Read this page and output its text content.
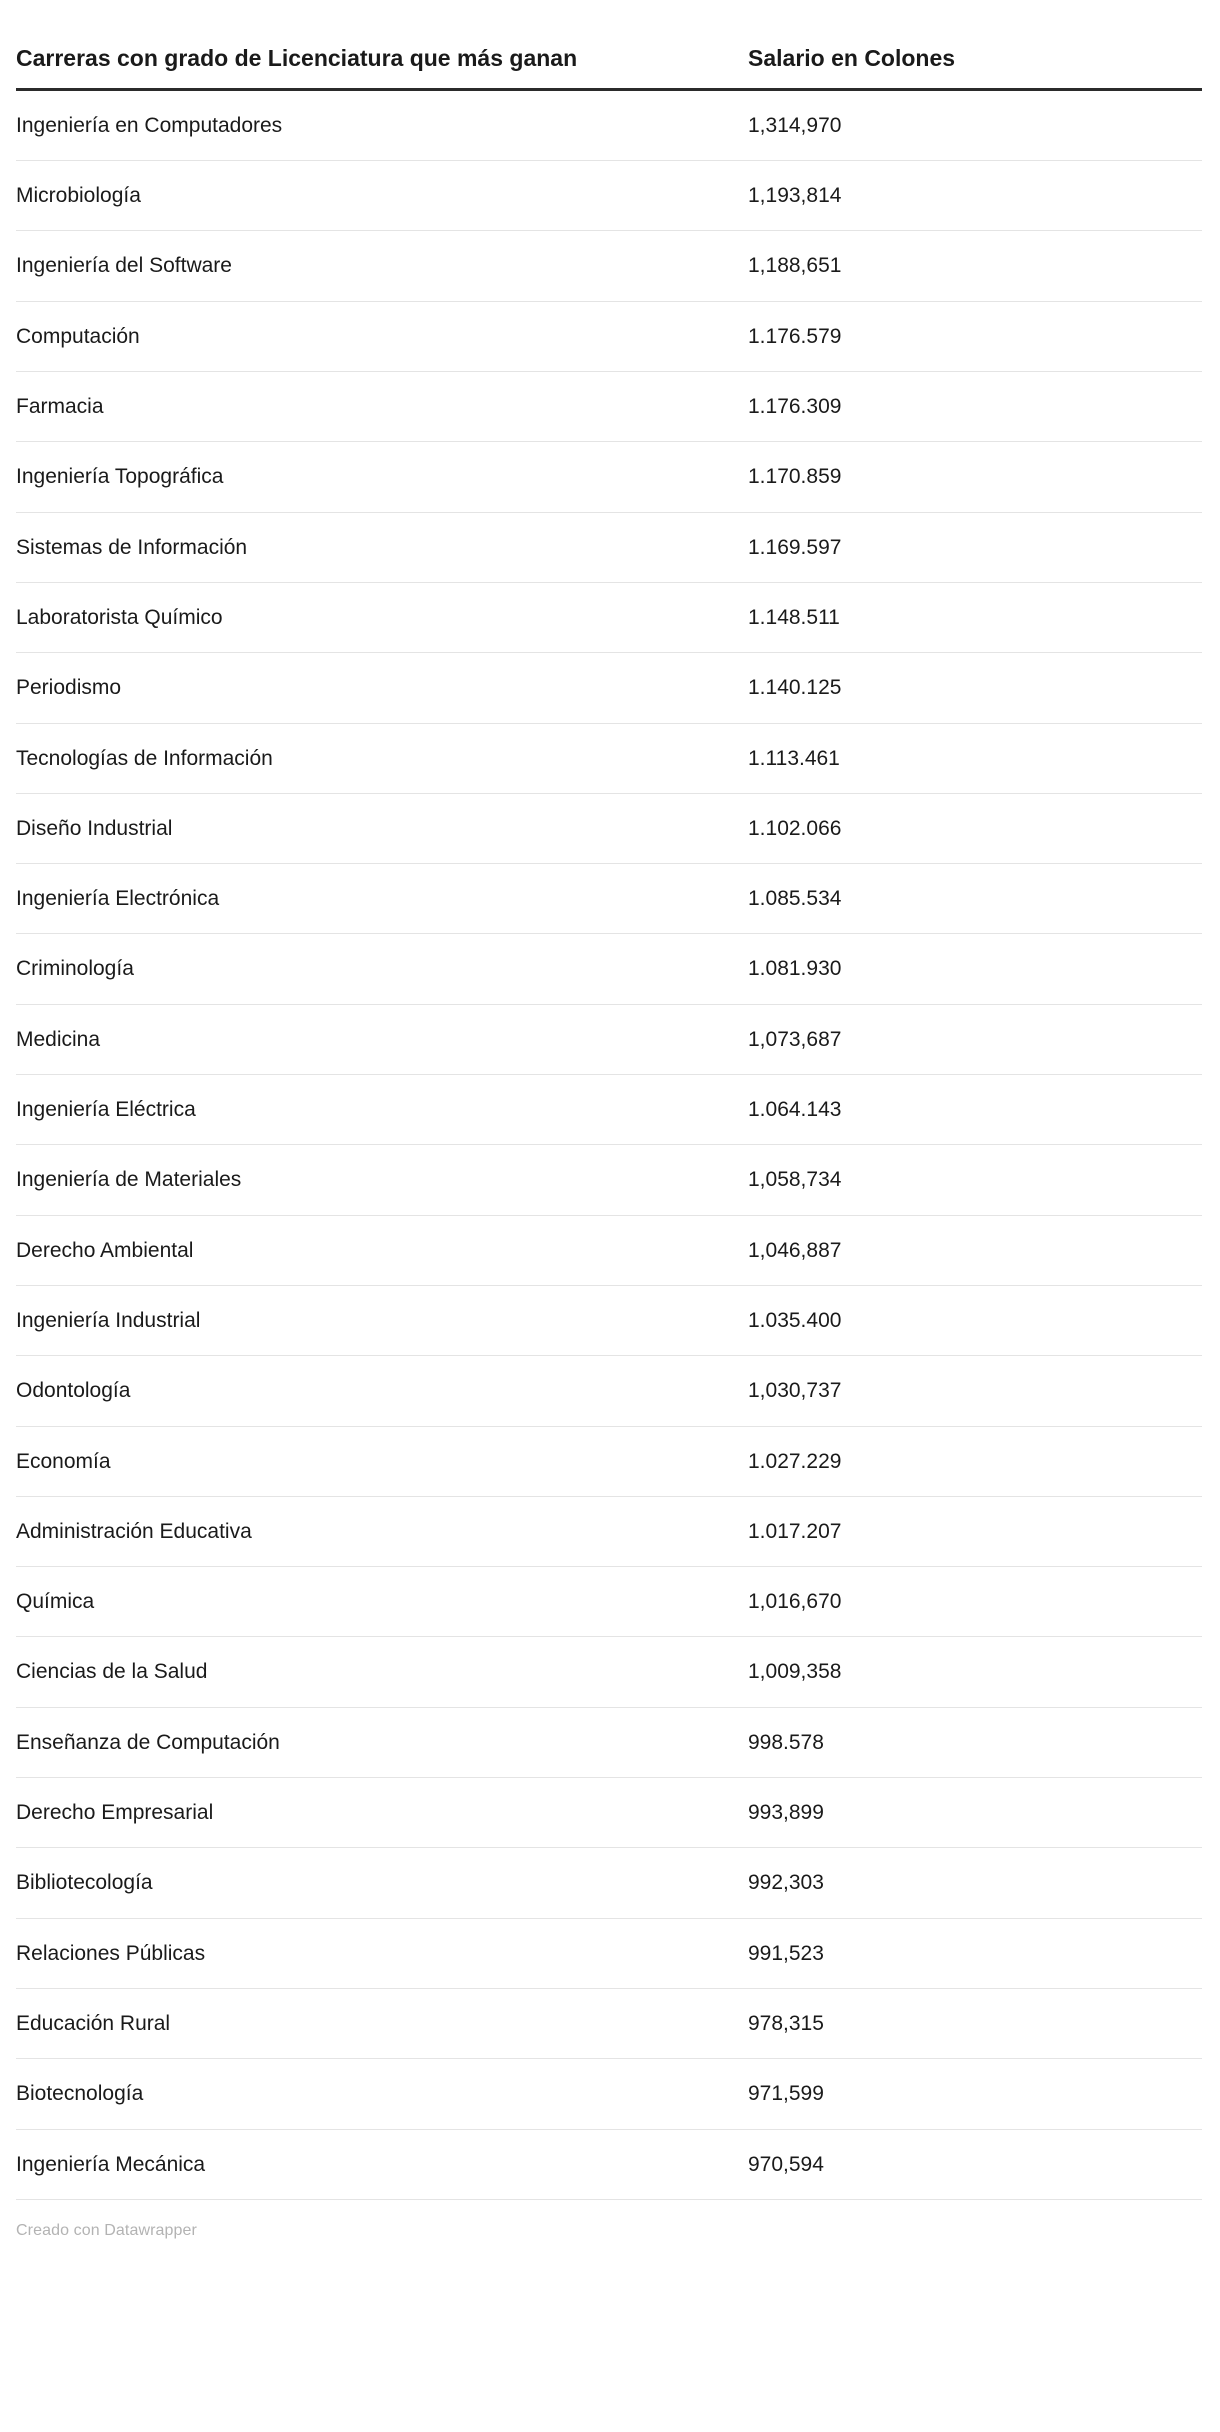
Carreras con grado de Licenciatura que más ganan	Salario en Colones
Ingeniería en Computadores	1,314,970
Microbiología	1,193,814
Ingeniería del Software	1,188,651
Computación	1.176.579
Farmacia	1.176.309
Ingeniería Topográfica	1.170.859
Sistemas de Información	1.169.597
Laboratorista Químico	1.148.511
Periodismo	1.140.125
Tecnologías de Información	1.113.461
Diseño Industrial	1.102.066
Ingeniería Electrónica	1.085.534
Criminología	1.081.930
Medicina	1,073,687
Ingeniería Eléctrica	1.064.143
Ingeniería de Materiales	1,058,734
Derecho Ambiental	1,046,887
Ingeniería Industrial	1.035.400
Odontología	1,030,737
Economía	1.027.229
Administración Educativa	1.017.207
Química	1,016,670
Ciencias de la Salud	1,009,358
Enseñanza de Computación	998.578
Derecho Empresarial	993,899
Bibliotecología	992,303
Relaciones Públicas	991,523
Educación Rural	978,315
Biotecnología	971,599
Ingeniería Mecánica	970,594
Creado con Datawrapper
